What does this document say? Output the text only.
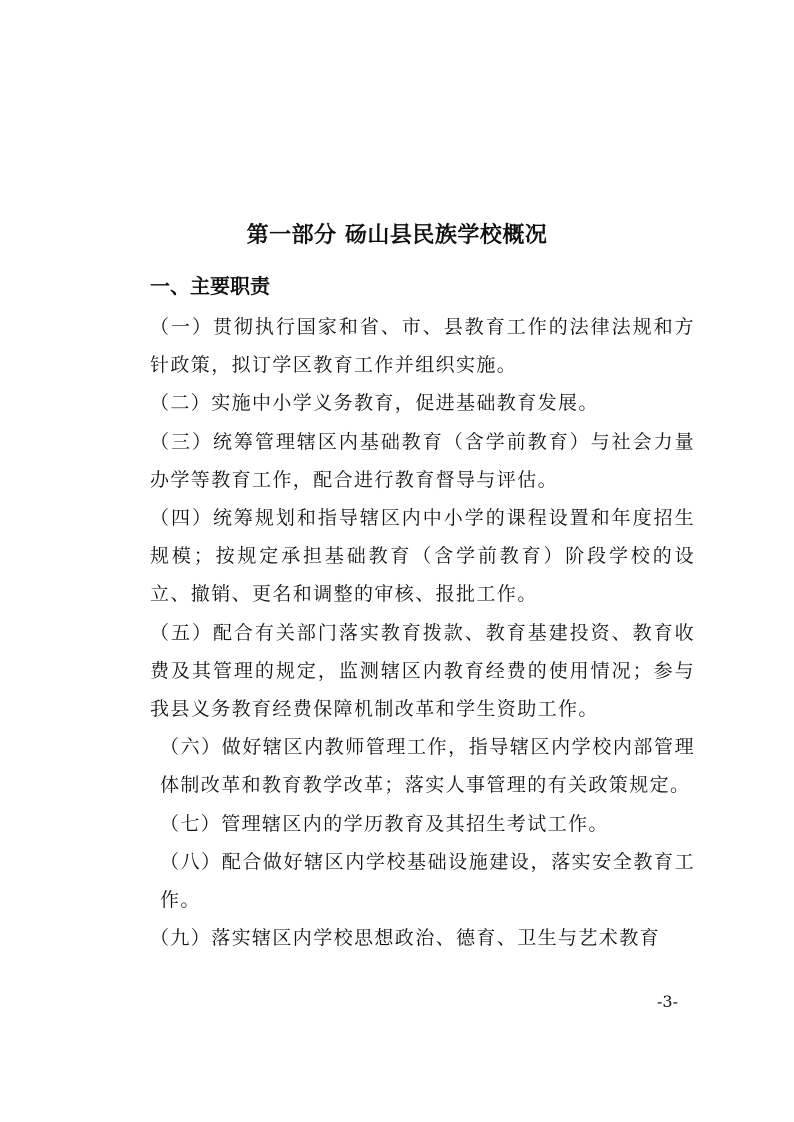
第一部分 砀山县民族学校概况
一、主要职责

（一）贯彻执行国家和省、市、县教育工作的法律法规和方针政策，拟订学区教育工作并组织实施。

（二）实施中小学义务教育，促进基础教育发展。

（三）统筹管理辖区内基础教育（含学前教育）与社会力量办学等教育工作，配合进行教育督导与评估。

（四）统筹规划和指导辖区内中小学的课程设置和年度招生规模；按规定承担基础教育（含学前教育）阶段学校的设立、撤销、更名和调整的审核、报批工作。

（五）配合有关部门落实教育拨款、教育基建投资、教育收费及其管理的规定，监测辖区内教育经费的使用情况；参与我县义务教育经费保障机制改革和学生资助工作。

（六）做好辖区内教师管理工作，指导辖区内学校内部管理体制改革和教育教学改革；落实人事管理的有关政策规定。

（七）管理辖区内的学历教育及其招生考试工作。

（八）配合做好辖区内学校基础设施建设，落实安全教育工作。

（九）落实辖区内学校思想政治、德育、卫生与艺术教育

-3-
